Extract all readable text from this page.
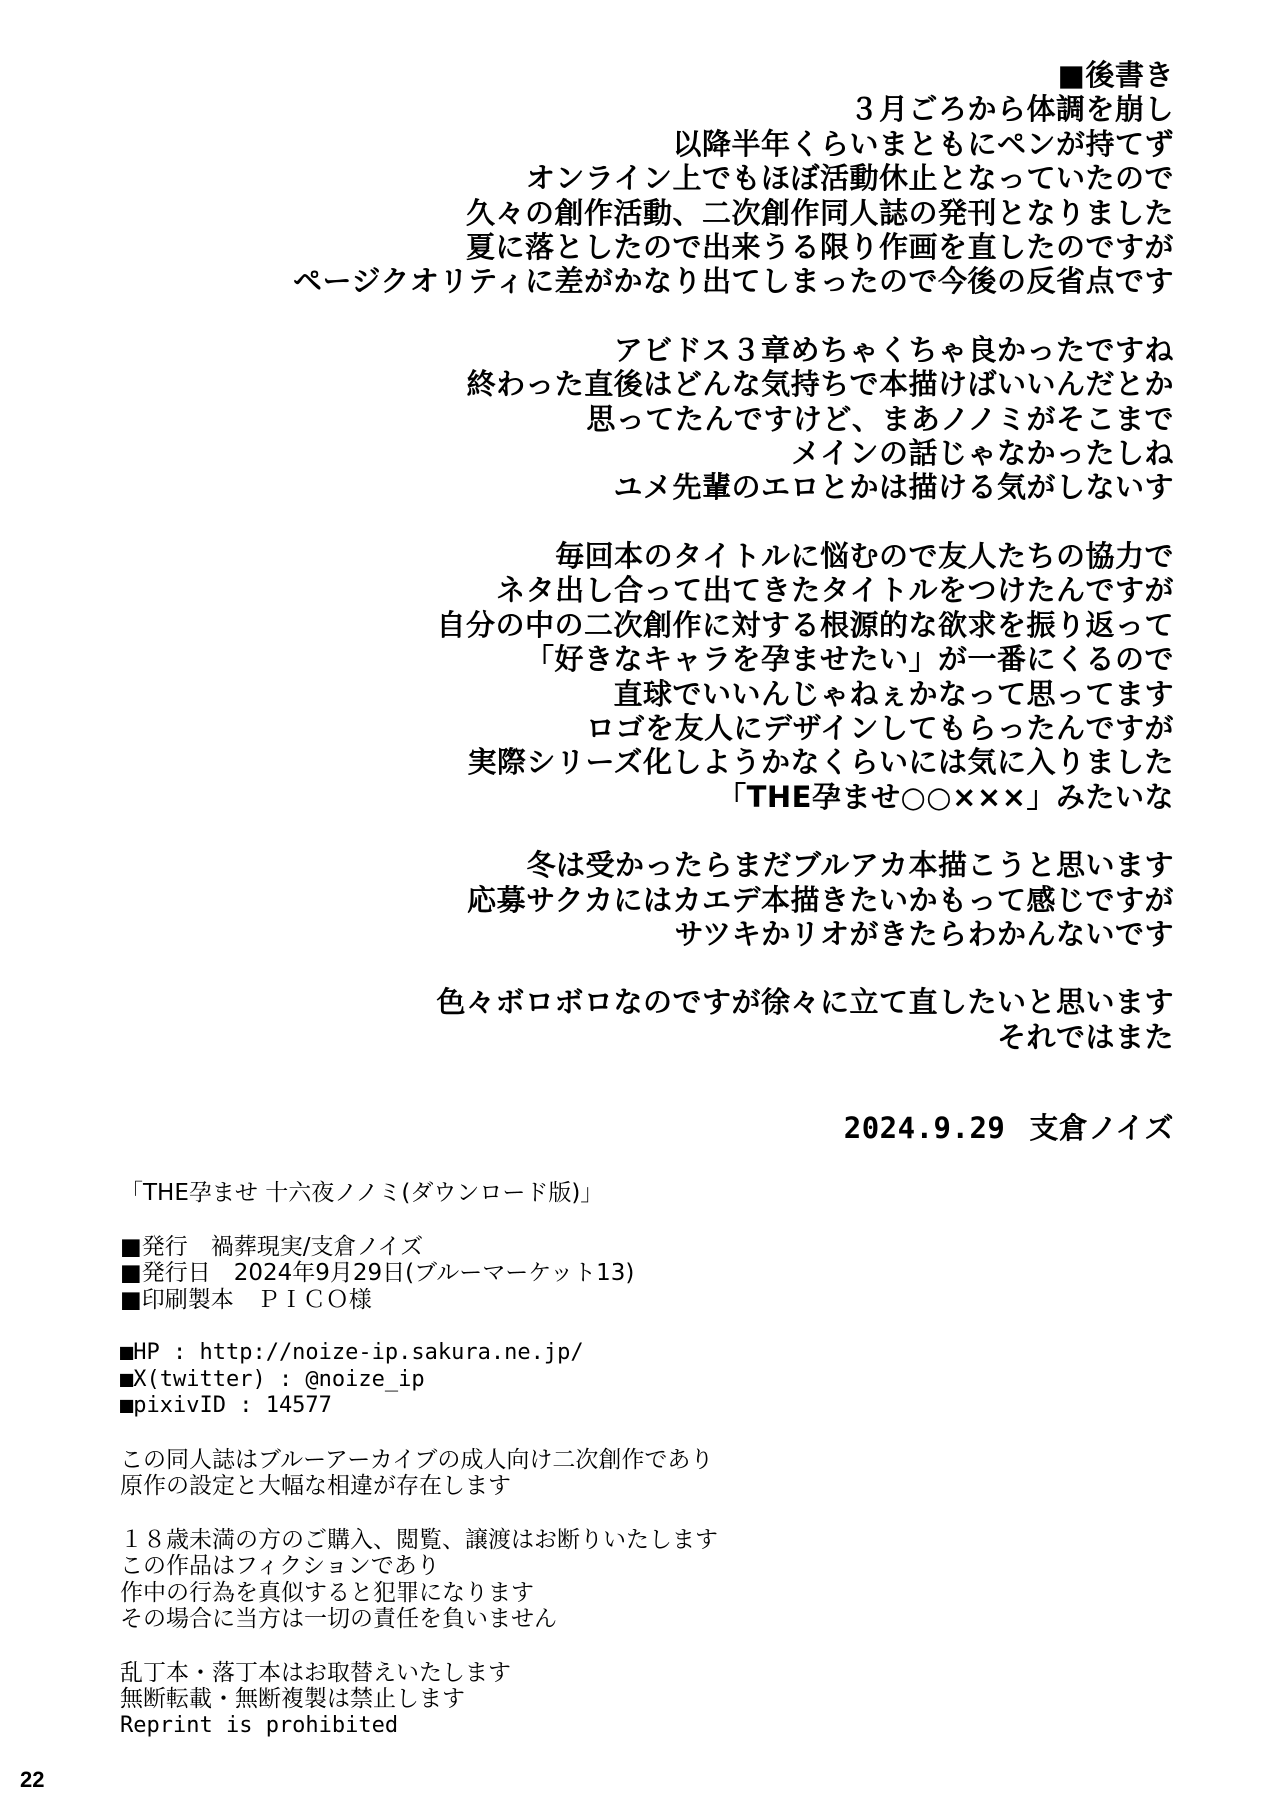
■後書き
３月ごろから体調を崩し
以降半年くらいまともにペンが持てず
オンライン上でもほぼ活動休止となっていたので
久々の創作活動、二次創作同人誌の発刊となりました
夏に落としたので出来うる限り作画を直したのですが
ページクオリティに差がかなり出てしまったので今後の反省点です
アビドス３章めちゃくちゃ良かったですね
終わった直後はどんな気持ちで本描けばいいんだとか
思ってたんですけど、まあノノミがそこまで
メインの話じゃなかったしね
ユメ先輩のエロとかは描ける気がしないす
毎回本のタイトルに悩むので友人たちの協力で
ネタ出し合って出てきたタイトルをつけたんですが
自分の中の二次創作に対する根源的な欲求を振り返って
「好きなキャラを孕ませたい」が一番にくるので
直球でいいんじゃねぇかなって思ってます
ロゴを友人にデザインしてもらったんですが
実際シリーズ化しようかなくらいには気に入りました
「THE孕ませ○○×××」みたいな
冬は受かったらまだブルアカ本描こうと思います
応募サクカにはカエデ本描きたいかもって感じですが
サツキかリオがきたらわかんないです
色々ボロボロなのですが徐々に立て直したいと思います
それではまた
2024.9.29 支倉ノイズ
「THE孕ませ 十六夜ノノミ(ダウンロード版)」
■発行　禍葬現実/支倉ノイズ
■発行日　2024年9月29日(ブルーマーケット13)
■印刷製本　ＰＩＣＯ様
■HP : http://noize-ip.sakura.ne.jp/
■X(twitter) : @noize_ip
■pixivID : 14577
この同人誌はブルーアーカイブの成人向け二次創作であり
原作の設定と大幅な相違が存在します
１８歳未満の方のご購入、閲覧、譲渡はお断りいたします
この作品はフィクションであり
作中の行為を真似すると犯罪になります
その場合に当方は一切の責任を負いません
乱丁本・落丁本はお取替えいたします
無断転載・無断複製は禁止します
Reprint is prohibited
22
